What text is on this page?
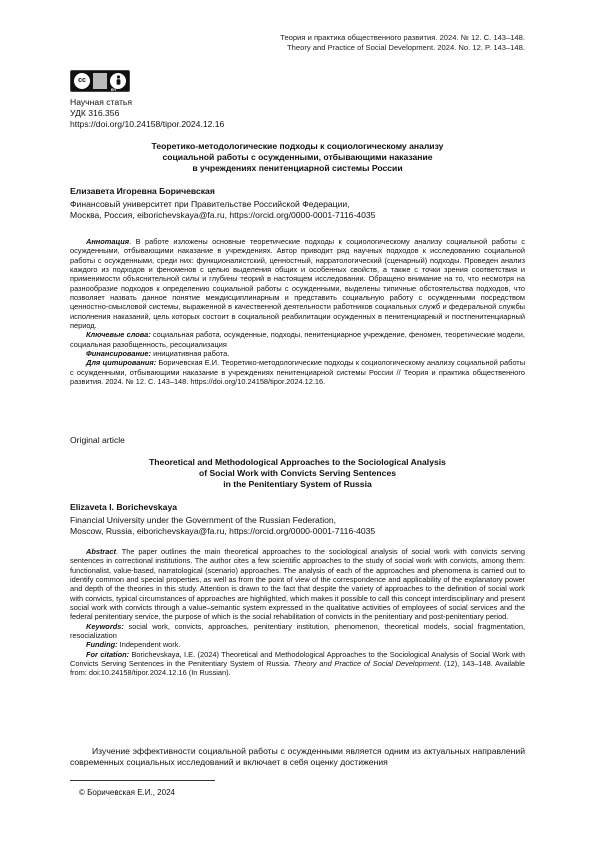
Теория и практика общественного развития. 2024. № 12. С. 143–148.
Theory and Practice of Social Development. 2024. No. 12. P. 143–148.
cc
BY
Научная статья
УДК 316.356
https://doi.org/10.24158/tipor.2024.12.16
Теоретико-методологические подходы к социологическому анализу
социальной работы с осужденными, отбывающими наказание
в учреждениях пенитенциарной системы России
Елизавета Игоревна Боричевская
Финансовый университет при Правительстве Российской Федерации,
Москва, Россия, eiborichevskaya@fa.ru, https://orcid.org/0000-0001-7116-4035

Аннотация. В работе изложены основные теоретические подходы к социологическому анализу социальной работы с осужденными, отбывающими наказание в учреждениях. Автор приводит ряд научных подходов к исследованию социальной работы с осужденными, среди них: функционалистский, ценностный, нарратологический (сценарный) подходы. Проведен анализ каждого из подходов и феноменов с целью выделения общих и особенных свойств, а также с точки зрения соответствия и применимости объяснительной силы и глубины теорий в настоящем исследовании. Обращено внимание на то, что несмотря на разнообразие подходов к определению социальной работы с осужденными, выделены типичные обстоятельства подходов, что позволяет назвать данное понятие междисциплинарным и представить социальную работу с осужденными посредством ценностно-смысловой системы, выраженной в качественной деятельности работников социальных служб и федеральной службы исполнения наказаний, цель которых состоит в социальной реабилитации осужденных в пенитенциарный и постпенитенциарный период.

Ключевые слова: социальная работа, осужденные, подходы, пенитенциарное учреждение, феномен, теоретические модели, социальная разобщенность, ресоциализация

Финансирование: инициативная работа.

Для цитирования: Боричевская Е.И. Теоретико-методологические подходы к социологическому анализу социальной работы с осужденными, отбывающими наказание в учреждениях пенитенциарной системы России // Теория и практика общественного развития. 2024. № 12. С. 143–148. https://doi.org/10.24158/tipor.2024.12.16.

Original article
Theoretical and Methodological Approaches to the Sociological Analysis
of Social Work with Convicts Serving Sentences
in the Penitentiary System of Russia
Elizaveta I. Borichevskaya
Financial University under the Government of the Russian Federation,
Moscow, Russia, eiborichevskaya@fa.ru, https://orcid.org/0000-0001-7116-4035

Abstract. The paper outlines the main theoretical approaches to the sociological analysis of social work with convicts serving sentences in correctional institutions. The author cites a few scientific approaches to the study of social work with convicts, among them: functionalist, value-based, narratological (scenario) approaches. The analysis of each of the approaches and phenomena is carried out to identify common and special properties, as well as from the point of view of the correspondence and applicability of the explanatory power and depth of the theories in this study. Attention is drawn to the fact that despite the variety of approaches to the definition of social work with convicts, typical circumstances of approaches are highlighted, which makes it possible to call this concept interdisciplinary and present social work with convicts through a value–semantic system expressed in the qualitative activities of employees of social services and the federal penitentiary service, the purpose of which is the social rehabilitation of convicts in the penitentiary and post-penitentiary period.

Keywords: social work, convicts, approaches, penitentiary institution, phenomenon, theoretical models, social fragmentation, resocialization

Funding: Independent work.

For citation: Borichevskaya, I.E. (2024) Theoretical and Methodological Approaches to the Sociological Analysis of Social Work with Convicts Serving Sentences in the Penitentiary System of Russia. Theory and Practice of Social Development. (12), 143–148. Available from: doi:10.24158/tipor.2024.12.16 (In Russian).

Изучение эффективности социальной работы с осужденными является одним из актуальных направлений современных социальных исследований и включает в себя оценку достижения

© Боричевская Е.И., 2024
